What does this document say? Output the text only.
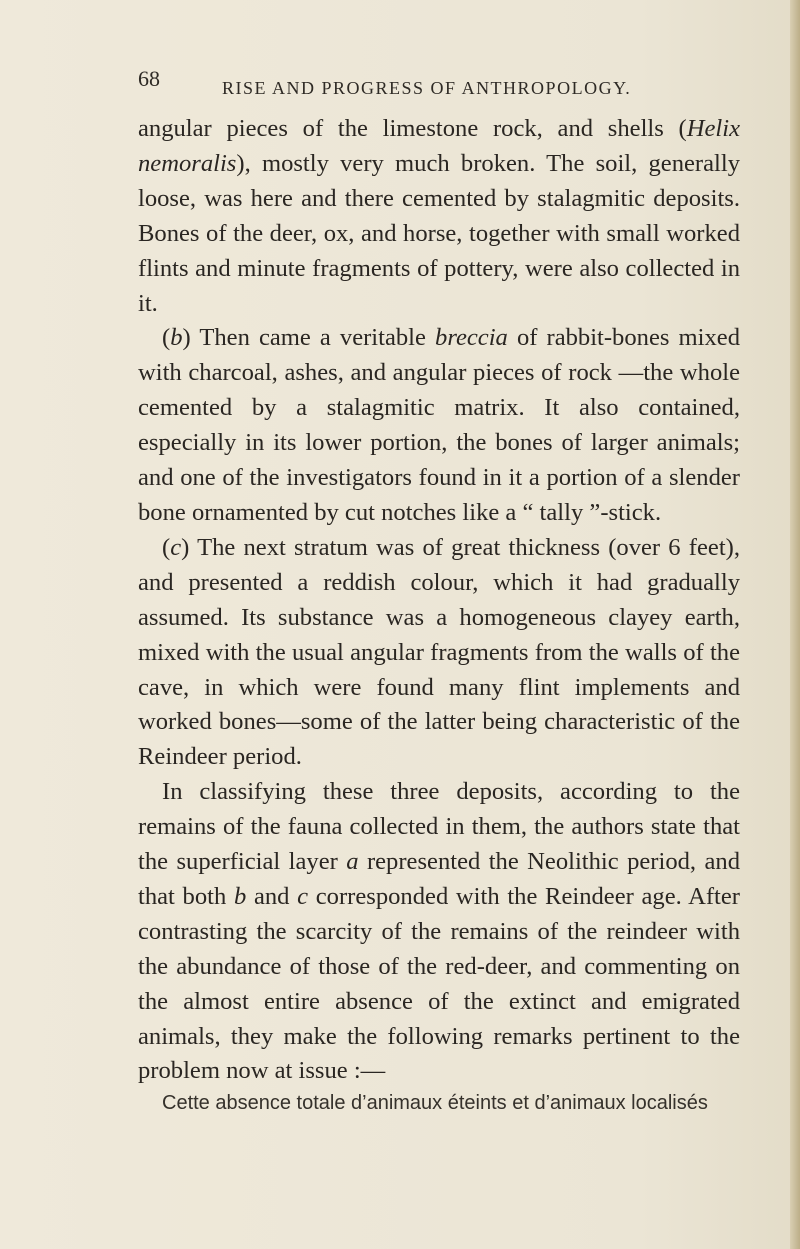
68	RISE AND PROGRESS OF ANTHROPOLOGY.

angular pieces of the limestone rock, and shells (Helix nemoralis), mostly very much broken. The soil, generally loose, was here and there cemented by stalagmitic deposits. Bones of the deer, ox, and horse, together with small worked flints and minute fragments of pottery, were also collected in it.

(b) Then came a veritable breccia of rabbit-bones mixed with charcoal, ashes, and angular pieces of rock —the whole cemented by a stalagmitic matrix. It also contained, especially in its lower portion, the bones of larger animals; and one of the investigators found in it a portion of a slender bone ornamented by cut notches like a “ tally ”-stick.

(c) The next stratum was of great thickness (over 6 feet), and presented a reddish colour, which it had gradually assumed. Its substance was a homogeneous clayey earth, mixed with the usual angular fragments from the walls of the cave, in which were found many flint implements and worked bones—some of the latter being characteristic of the Reindeer period.

In classifying these three deposits, according to the remains of the fauna collected in them, the authors state that the superficial layer a represented the Neolithic period, and that both b and c corresponded with the Reindeer age. After contrasting the scarcity of the remains of the reindeer with the abundance of those of the red-deer, and commenting on the almost entire absence of the extinct and emigrated animals, they make the following remarks pertinent to the problem now at issue :—

Cette absence totale d’animaux éteints et d’animaux localisés
